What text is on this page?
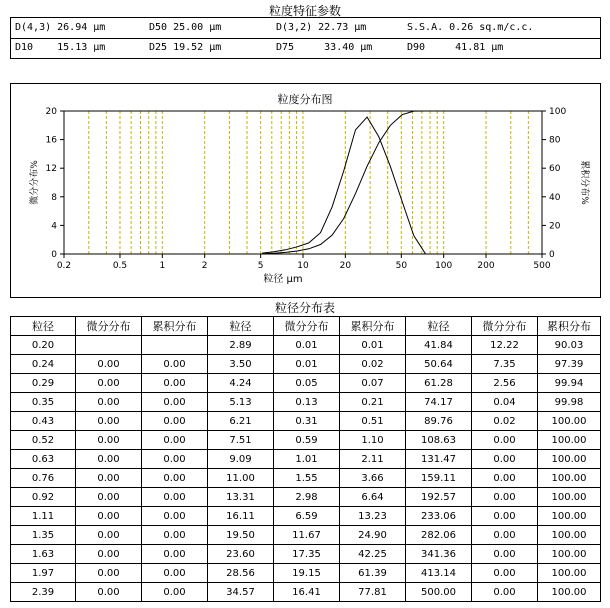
粒度特征参数
D(4,3) 26.94 μm	D50 25.00 μm	D(3,2) 22.73 μm	S.S.A. 0.26 sq.m/c.c.
D10    15.13 μm	D25 19.52 μm	D75     33.40 μm	D90     41.81 μm
粒度分布图
0.2	0.5	1	2	5	10	20	50	100	200	500
0
4
8
12
16
20
0
20
40
60
80
100
粒径 μm
微分分布%	累积分布%
粒径分布表
粒径	微分分布	累积分布	粒径	微分分布	累积分布	粒径	微分分布	累积分布
0.20			2.89	0.01	0.01	41.84	12.22	90.03
0.24	0.00	0.00	3.50	0.01	0.02	50.64	7.35	97.39
0.29	0.00	0.00	4.24	0.05	0.07	61.28	2.56	99.94
0.35	0.00	0.00	5.13	0.13	0.21	74.17	0.04	99.98
0.43	0.00	0.00	6.21	0.31	0.51	89.76	0.02	100.00
0.52	0.00	0.00	7.51	0.59	1.10	108.63	0.00	100.00
0.63	0.00	0.00	9.09	1.01	2.11	131.47	0.00	100.00
0.76	0.00	0.00	11.00	1.55	3.66	159.11	0.00	100.00
0.92	0.00	0.00	13.31	2.98	6.64	192.57	0.00	100.00
1.11	0.00	0.00	16.11	6.59	13.23	233.06	0.00	100.00
1.35	0.00	0.00	19.50	11.67	24.90	282.06	0.00	100.00
1.63	0.00	0.00	23.60	17.35	42.25	341.36	0.00	100.00
1.97	0.00	0.00	28.56	19.15	61.39	413.14	0.00	100.00
2.39	0.00	0.00	34.57	16.41	77.81	500.00	0.00	100.00
